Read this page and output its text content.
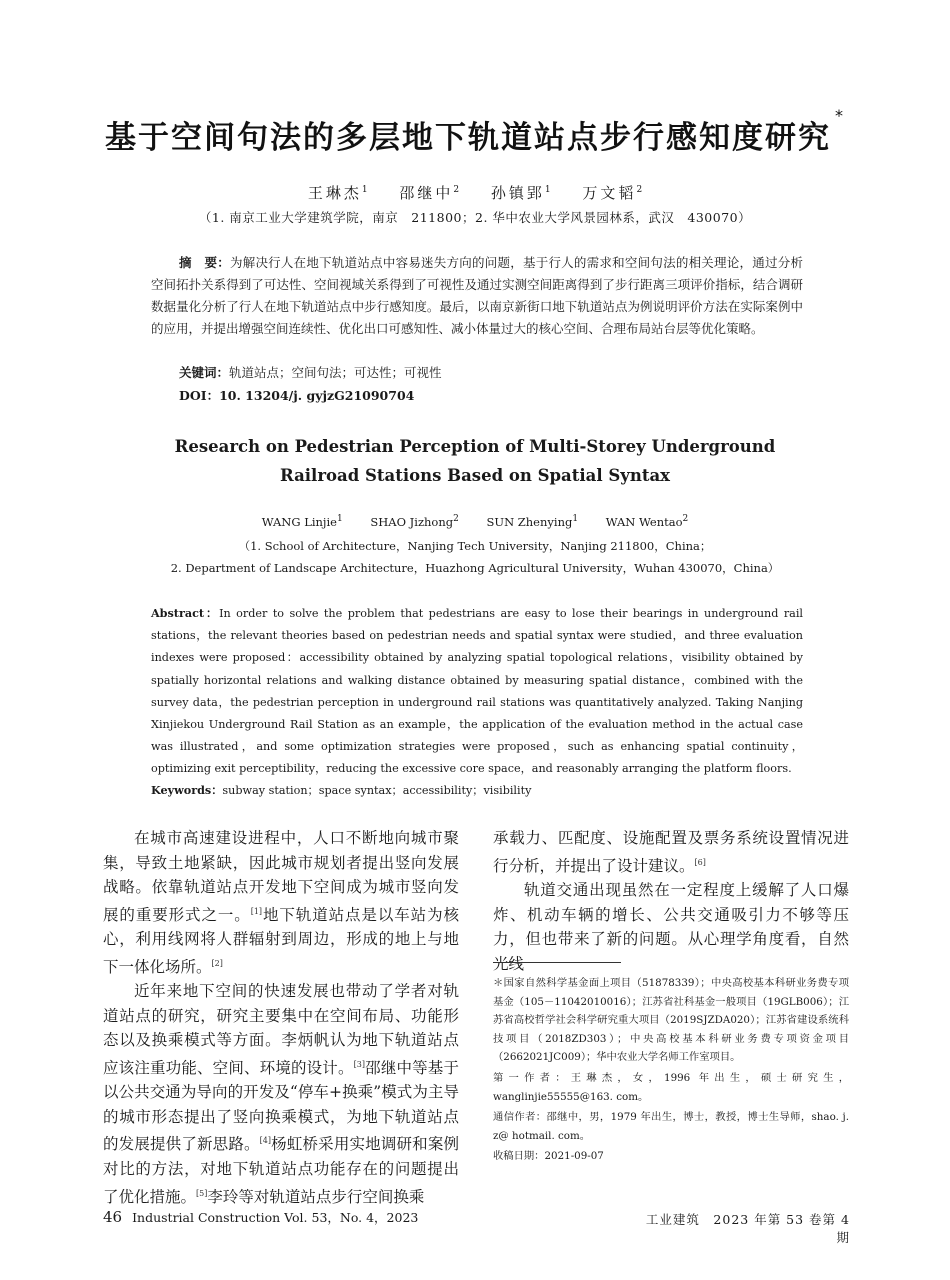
基于空间句法的多层地下轨道站点步行感知度研究*
王琳杰$^1$ 邵继中$^2$ 孙镇郢$^1$ 万文韬$^2$
（1. 南京工业大学建筑学院，南京　211800；2. 华中农业大学风景园林系，武汉　430070）
摘　要：为解决行人在地下轨道站点中容易迷失方向的问题，基于行人的需求和空间句法的相关理论，通过分析空间拓扑关系得到了可达性、空间视域关系得到了可视性及通过实测空间距离得到了步行距离三项评价指标，结合调研数据量化分析了行人在地下轨道站点中步行感知度。最后，以南京新街口地下轨道站点为例说明评价方法在实际案例中的应用，并提出增强空间连续性、优化出口可感知性、减小体量过大的核心空间、合理布局站台层等优化策略。
关键词：轨道站点；空间句法；可达性；可视性
DOI：10. 13204/j. gyjzG21090704
Research on Pedestrian Perception of Multi-Storey Underground
Railroad Stations Based on Spatial Syntax
WANG Linjie$^1$ SHAO Jizhong$^2$ SUN Zhenying$^1$ WAN Wentao$^2$
（1. School of Architecture，Nanjing Tech University，Nanjing 211800，China；
2. Department of Landscape Architecture，Huazhong Agricultural University，Wuhan 430070，China）
Abstract：In order to solve the problem that pedestrians are easy to lose their bearings in underground rail stations，the relevant theories based on pedestrian needs and spatial syntax were studied，and three evaluation indexes were proposed：accessibility obtained by analyzing spatial topological relations，visibility obtained by spatially horizontal relations and walking distance obtained by measuring spatial distance，combined with the survey data，the pedestrian perception in underground rail stations was quantitatively analyzed. Taking Nanjing Xinjiekou Underground Rail Station as an example，the application of the evaluation method in the actual case was illustrated，and some optimization strategies were proposed，such as enhancing spatial continuity，optimizing exit perceptibility，reducing the excessive core space，and reasonably arranging the platform floors.
Keywords：subway station；space syntax；accessibility；visibility

在城市高速建设进程中，人口不断地向城市聚集，导致土地紧缺，因此城市规划者提出竖向发展战略。依靠轨道站点开发地下空间成为城市竖向发展的重要形式之一。[1]地下轨道站点是以车站为核心，利用线网将人群辐射到周边，形成的地上与地下一体化场所。[2]

近年来地下空间的快速发展也带动了学者对轨道站点的研究，研究主要集中在空间布局、功能形态以及换乘模式等方面。李炳帆认为地下轨道站点应该注重功能、空间、环境的设计。[3]邵继中等基于以公共交通为导向的开发及“停车+换乘”模式为主导的城市形态提出了竖向换乘模式，为地下轨道站点的发展提供了新思路。[4]杨虹桥采用实地调研和案例对比的方法，对地下轨道站点功能存在的问题提出了优化措施。[5]李玲等对轨道站点步行空间换乘

承载力、匹配度、设施配置及票务系统设置情况进行分析，并提出了设计建议。[6]

轨道交通出现虽然在一定程度上缓解了人口爆炸、机动车辆的增长、公共交通吸引力不够等压力，但也带来了新的问题。从心理学角度看，自然光线

＊国家自然科学基金面上项目（51878339）；中央高校基本科研业务费专项基金（105－11042010016）；江苏省社科基金一般项目（19GLB006）；江苏省高校哲学社会科学研究重大项目（2019SJZDA020）；江苏省建设系统科技项目（2018ZD303）；中央高校基本科研业务费专项资金项目（2662021JC009）；华中农业大学名师工作室项目。
第一作者：王琳杰，女，1996 年出生，硕士研究生，wanglinjie55555@163. com。
通信作者：邵继中，男，1979 年出生，博士，教授，博士生导师，shao. j. z@ hotmail. com。
收稿日期：2021-09-07
46 Industrial Construction Vol. 53，No. 4，2023	工业建筑　2023 年第 53 卷第 4 期
